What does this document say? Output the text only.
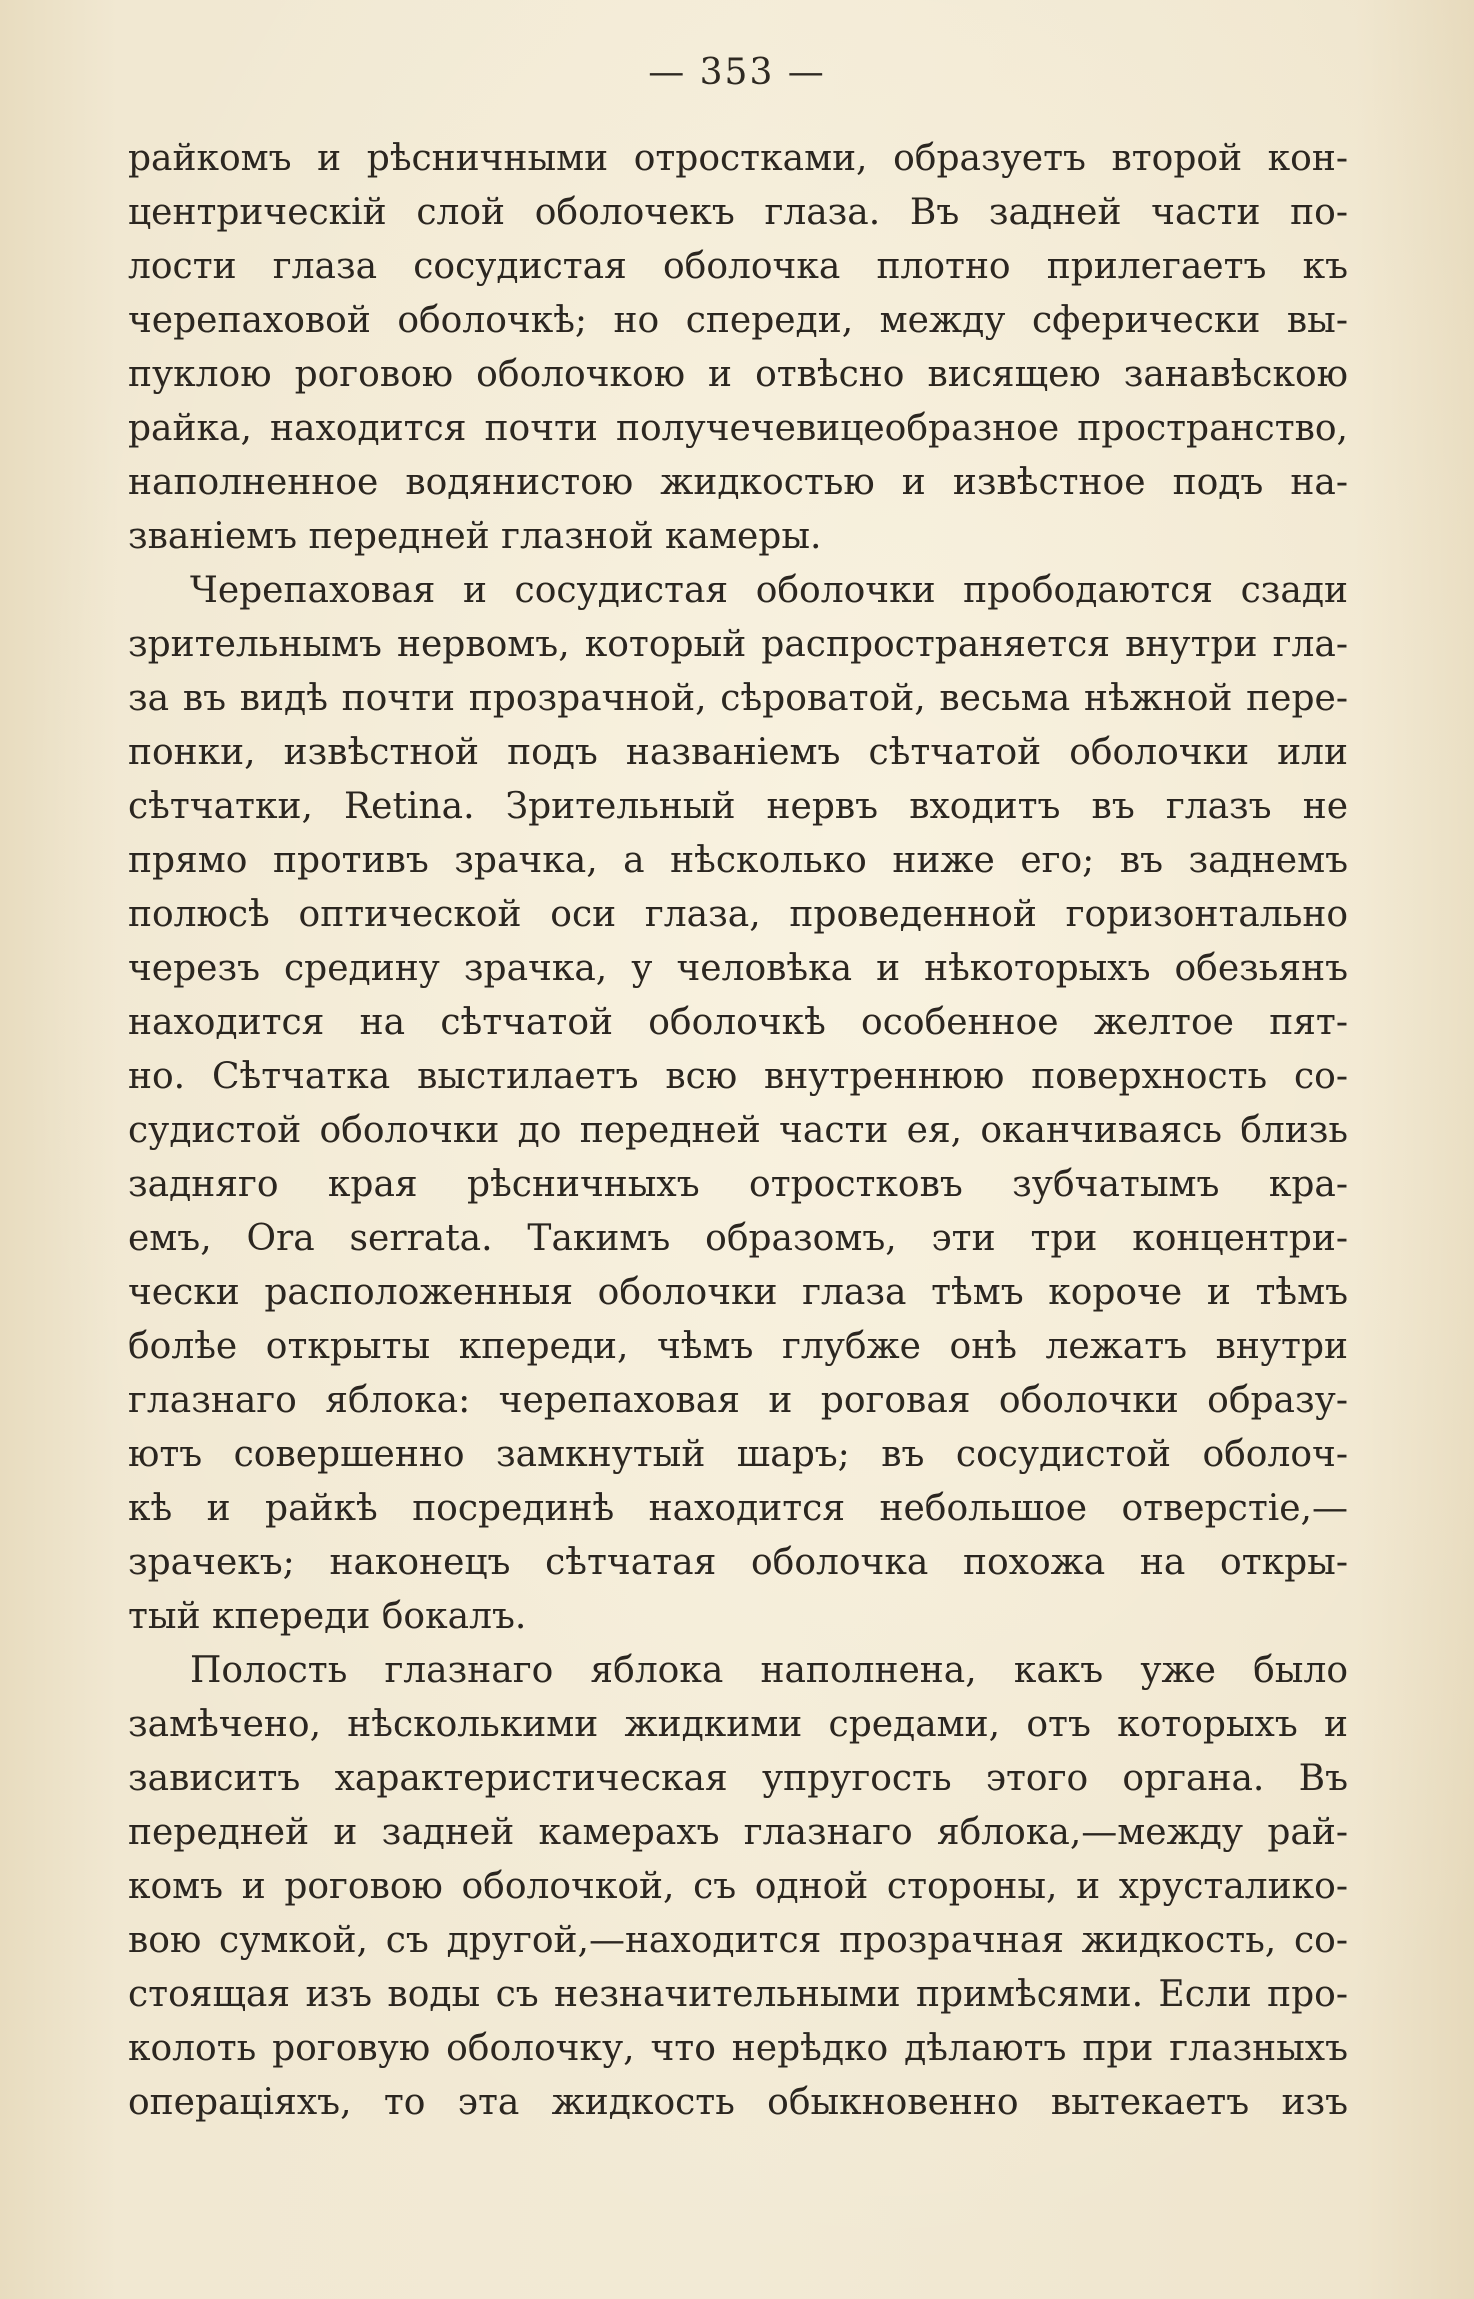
— 353 —
райкомъ и рѣсничными отростками, образуетъ второй кон-
центрическій слой оболочекъ глаза. Въ задней части по-
лости глаза сосудистая оболочка плотно прилегаетъ къ
черепаховой оболочкѣ; но спереди, между сферически вы-
пуклою роговою оболочкою и отвѣсно висящею занавѣскою
райка, находится почти получечевицеобразное пространство,
наполненное водянистою жидкостью и извѣстное подъ на-
званіемъ передней глазной камеры.
Черепаховая и сосудистая оболочки прободаются сзади
зрительнымъ нервомъ, который распространяется внутри гла-
за въ видѣ почти прозрачной, сѣроватой, весьма нѣжной пере-
понки, извѣстной подъ названіемъ сѣтчатой оболочки или
сѣтчатки, Retina. Зрительный нервъ входитъ въ глазъ не
прямо противъ зрачка, а нѣсколько ниже его; въ заднемъ
полюсѣ оптической оси глаза, проведенной горизонтально
черезъ средину зрачка, у человѣка и нѣкоторыхъ обезьянъ
находится на сѣтчатой оболочкѣ особенное желтое пят-
но. Сѣтчатка выстилаетъ всю внутреннюю поверхность со-
судистой оболочки до передней части ея, оканчиваясь близь
задняго края рѣсничныхъ отростковъ зубчатымъ кра-
емъ, Ora serrata. Такимъ образомъ, эти три концентри-
чески расположенныя оболочки глаза тѣмъ короче и тѣмъ
болѣе открыты кпереди, чѣмъ глубже онѣ лежатъ внутри
глазнаго яблока: черепаховая и роговая оболочки образу-
ютъ совершенно замкнутый шаръ; въ сосудистой оболоч-
кѣ и райкѣ посрединѣ находится небольшое отверстіе,—
зрачекъ; наконецъ сѣтчатая оболочка похожа на откры-
тый кпереди бокалъ.
Полость глазнаго яблока наполнена, какъ уже было
замѣчено, нѣсколькими жидкими средами, отъ которыхъ и
зависитъ характеристическая упругость этого органа. Въ
передней и задней камерахъ глазнаго яблока,—между рай-
комъ и роговою оболочкой, съ одной стороны, и хрусталико-
вою сумкой, съ другой,—находится прозрачная жидкость, со-
стоящая изъ воды съ незначительными примѣсями. Если про-
колоть роговую оболочку, что нерѣдко дѣлаютъ при глазныхъ
операціяхъ, то эта жидкость обыкновенно вытекаетъ изъ
